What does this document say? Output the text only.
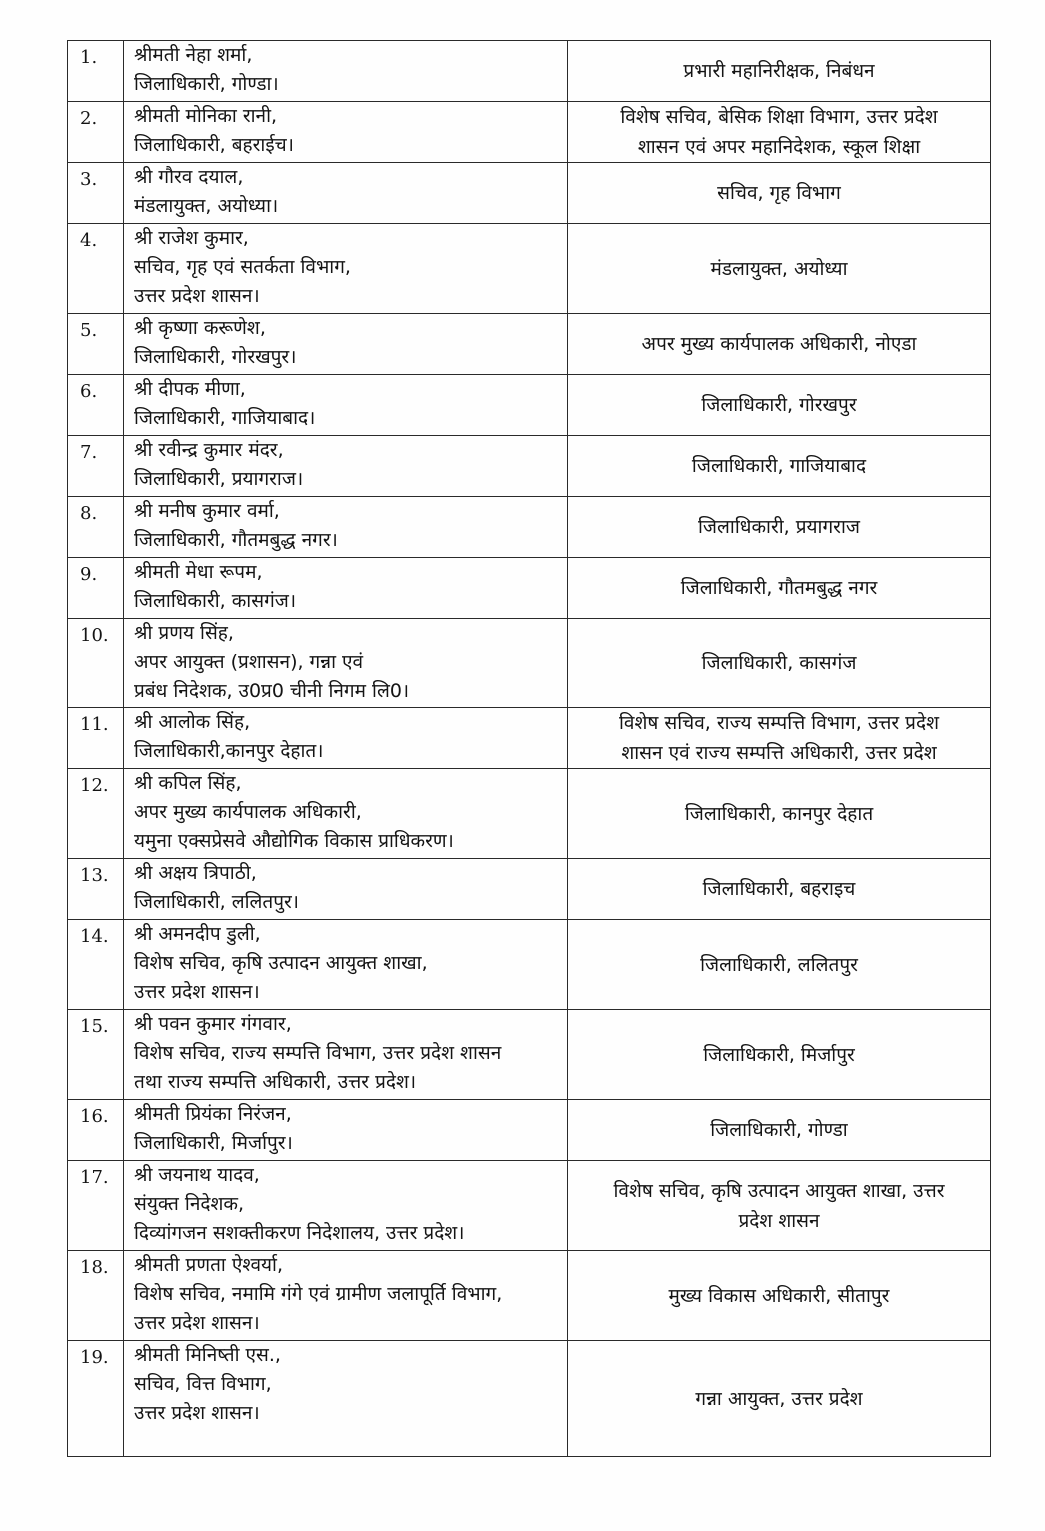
1.	श्रीमती नेहा शर्मा,
जिलाधिकारी, गोण्डा।	प्रभारी महानिरीक्षक, निबंधन

2.	श्रीमती मोनिका रानी,
जिलाधिकारी, बहराईच।	विशेष सचिव, बेसिक शिक्षा विभाग, उत्तर प्रदेश
शासन एवं अपर महानिदेशक, स्कूल शिक्षा

3.	श्री गौरव दयाल,
मंडलायुक्त, अयोध्या।	सचिव, गृह विभाग

4.	श्री राजेश कुमार,
सचिव, गृह एवं सतर्कता विभाग,
उत्तर प्रदेश शासन।	मंडलायुक्त, अयोध्या

5.	श्री कृष्णा करूणेश,
जिलाधिकारी, गोरखपुर।	अपर मुख्य कार्यपालक अधिकारी, नोएडा

6.	श्री दीपक मीणा,
जिलाधिकारी, गाजियाबाद।	जिलाधिकारी, गोरखपुर

7.	श्री रवीन्द्र कुमार मंदर,
जिलाधिकारी, प्रयागराज।	जिलाधिकारी, गाजियाबाद

8.	श्री मनीष कुमार वर्मा,
जिलाधिकारी, गौतमबुद्ध नगर।	जिलाधिकारी, प्रयागराज

9.	श्रीमती मेधा रूपम,
जिलाधिकारी, कासगंज।	जिलाधिकारी, गौतमबुद्ध नगर

10.	श्री प्रणय सिंह,
अपर आयुक्त (प्रशासन), गन्ना एवं
प्रबंध निदेशक, उ0प्र0 चीनी निगम लि0।	जिलाधिकारी, कासगंज

11.	श्री आलोक सिंह,
जिलाधिकारी,कानपुर देहात।	विशेष सचिव, राज्य सम्पत्ति विभाग, उत्तर प्रदेश
शासन एवं राज्य सम्पत्ति अधिकारी, उत्तर प्रदेश

12.	श्री कपिल सिंह,
अपर मुख्य कार्यपालक अधिकारी,
यमुना एक्सप्रेसवे औद्योगिक विकास प्राधिकरण।	जिलाधिकारी, कानपुर देहात

13.	श्री अक्षय त्रिपाठी,
जिलाधिकारी, ललितपुर।	जिलाधिकारी, बहराइच

14.	श्री अमनदीप डुली,
विशेष सचिव, कृषि उत्पादन आयुक्त शाखा,
उत्तर प्रदेश शासन।	जिलाधिकारी, ललितपुर

15.	श्री पवन कुमार गंगवार,
विशेष सचिव, राज्य सम्पत्ति विभाग, उत्तर प्रदेश शासन
तथा राज्य सम्पत्ति अधिकारी, उत्तर प्रदेश।	जिलाधिकारी, मिर्जापुर

16.	श्रीमती प्रियंका निरंजन,
जिलाधिकारी, मिर्जापुर।	जिलाधिकारी, गोण्डा

17.	श्री जयनाथ यादव,
संयुक्त निदेशक,
दिव्यांगजन सशक्तीकरण निदेशालय, उत्तर प्रदेश।	विशेष सचिव, कृषि उत्पादन आयुक्त शाखा, उत्तर
प्रदेश शासन

18.	श्रीमती प्रणता ऐश्वर्या,
विशेष सचिव, नमामि गंगे एवं ग्रामीण जलापूर्ति विभाग,
उत्तर प्रदेश शासन।	मुख्य विकास अधिकारी, सीतापुर

19.	श्रीमती मिनिष्ती एस.,
सचिव, वित्त विभाग,
उत्तर प्रदेश शासन।	गन्ना आयुक्त, उत्तर प्रदेश
